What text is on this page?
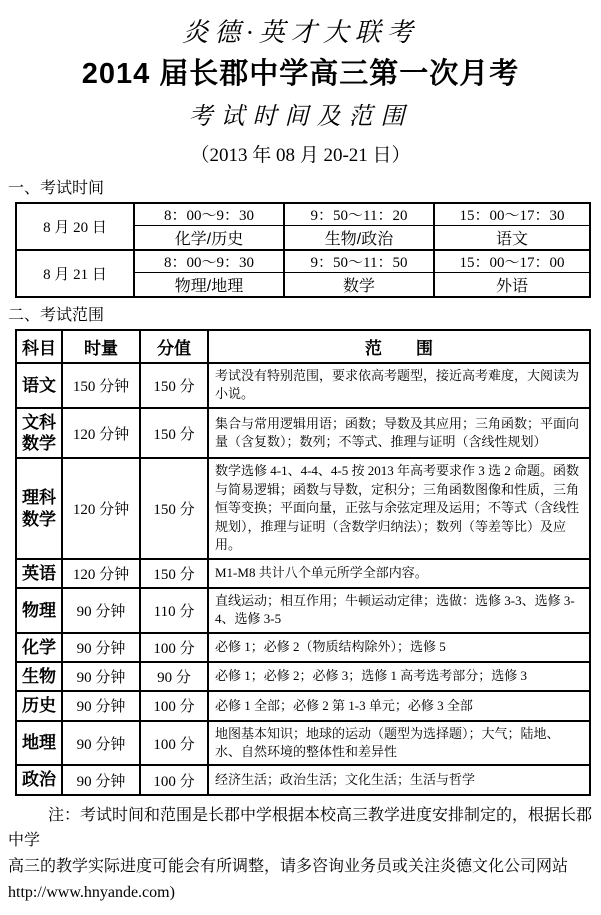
炎德·英才大联考
2014 届长郡中学高三第一次月考
考试时间及范围
（2013 年 08 月 20-21 日）
一、考试时间
8 月 20 日	8：00～9：30	9：50～11：20	15：00～17：30
	化学/历史	生物/政治	语文
8 月 21 日	8：00～9：30	9：50～11：50	15：00～17：00
	物理/地理	数学	外语
二、考试范围
科目	时量	分值	范　　围
语文	150 分钟	150 分	考试没有特别范围，要求依高考题型，接近高考难度，大阅读为小说。
文科数学	120 分钟	150 分	集合与常用逻辑用语；函数；导数及其应用；三角函数；平面向量（含复数）；数列；不等式、推理与证明（含线性规划）
理科数学	120 分钟	150 分	数学选修 4-1、4-4、4-5 按 2013 年高考要求作 3 选 2 命题。函数与简易逻辑；函数与导数，定积分；三角函数图像和性质，三角恒等变换；平面向量，正弦与余弦定理及运用；不等式（含线性规划），推理与证明（含数学归纳法）；数列（等差等比）及应用。
英语	120 分钟	150 分	M1-M8 共计八个单元所学全部内容。
物理	90 分钟	110 分	直线运动；相互作用；牛顿运动定律；选做：选修 3-3、选修 3-4、选修 3-5
化学	90 分钟	100 分	必修 1；必修 2（物质结构除外）；选修 5
生物	90 分钟	90 分	必修 1；必修 2；必修 3；选修 1 高考选考部分；选修 3
历史	90 分钟	100 分	必修 1 全部；必修 2 第 1-3 单元；必修 3 全部
地理	90 分钟	100 分	地图基本知识；地球的运动（题型为选择题）；大气；陆地、水、自然环境的整体性和差异性
政治	90 分钟	100 分	经济生活；政治生活；文化生活；生活与哲学
注：考试时间和范围是长郡中学根据本校高三教学进度安排制定的，根据长郡中学
高三的教学实际进度可能会有所调整，请多咨询业务员或关注炎德文化公司网站
http://www.hnyande.com)
